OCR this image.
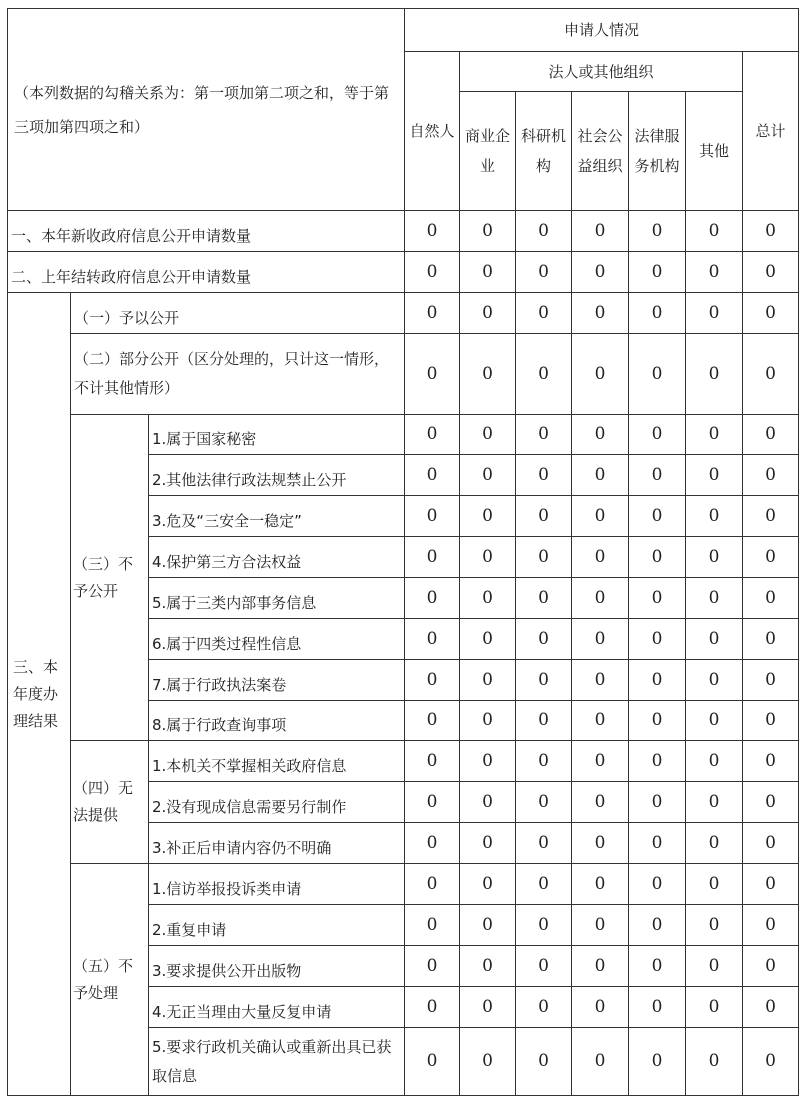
（本列数据的勾稽关系为：第一项加第二项之和，等于第三项加第四项之和）			申请人情况						
			自然人	法人或其他组织					总计
				商业企业	科研机构	社会公益组织	法律服务机构	其他	

一、本年新收政府信息公开申请数量			0	0	0	0	0	0	0
二、上年结转政府信息公开申请数量			0	0	0	0	0	0	0
三、本年度办理结果	（一）予以公开		0	0	0	0	0	0	0
	（二）部分公开（区分处理的，只计这一情形，不计其他情形）		0	0	0	0	0	0	0
	（三）不予公开	1.属于国家秘密	0	0	0	0	0	0	0
		2.其他法律行政法规禁止公开	0	0	0	0	0	0	0
		3.危及“三安全一稳定”	0	0	0	0	0	0	0
		4.保护第三方合法权益	0	0	0	0	0	0	0
		5.属于三类内部事务信息	0	0	0	0	0	0	0
		6.属于四类过程性信息	0	0	0	0	0	0	0
		7.属于行政执法案卷	0	0	0	0	0	0	0
		8.属于行政查询事项	0	0	0	0	0	0	0
	（四）无法提供	1.本机关不掌握相关政府信息	0	0	0	0	0	0	0
		2.没有现成信息需要另行制作	0	0	0	0	0	0	0
		3.补正后申请内容仍不明确	0	0	0	0	0	0	0
	（五）不予处理	1.信访举报投诉类申请	0	0	0	0	0	0	0
		2.重复申请	0	0	0	0	0	0	0
		3.要求提供公开出版物	0	0	0	0	0	0	0
		4.无正当理由大量反复申请	0	0	0	0	0	0	0
		5.要求行政机关确认或重新出具已获取信息	0	0	0	0	0	0	0
